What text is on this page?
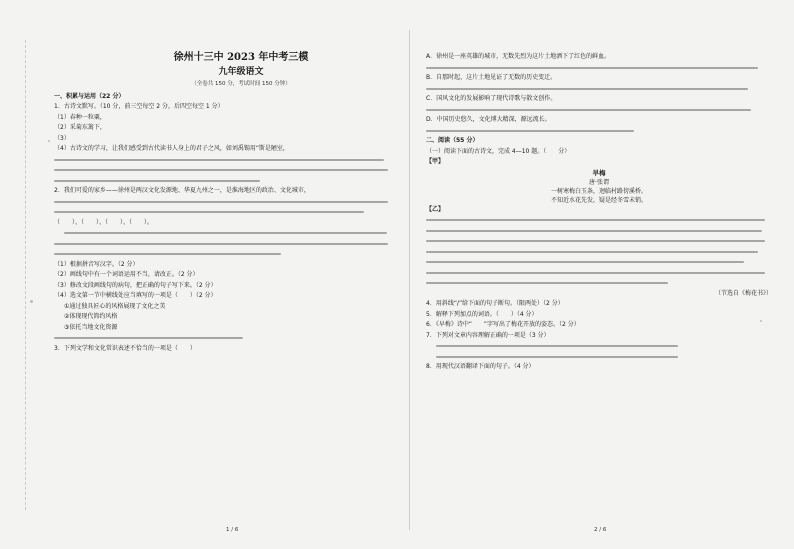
徐州十三中 2023 年中考三模
九年级语文
（全卷共 150 分，考试时间 150 分钟）
一、积累与运用（22 分）
1．古诗文默写。（10 分，前三空每空 2 分，后四空每空 1 分）
（1）春种一粒粟，
（2）采菊东篱下，
（3）
（4）古诗文的学习，让我们感受到古代读书人身上的君子之风，如刘禹锡用“斯是陋室，
2．我们可爱的家乡——徐州是两汉文化发源地、华夏九州之一，是淮海地区的政治、文化城市，
（　　）、（　　）、（　　）、（　　）。
（1）根据拼音写汉字。（2 分）
（2）画线句中有一个词语运用不当，请改正。（2 分）
（3）修改文段画线句的病句，把正确的句子写下来。（2 分）
（4）选文第一节中横线处应当填写的一项是（　　）（2 分）
①通过独具匠心的风格展现了文化之美
②体现现代简约风格
③依托当地文化资源
3．下列文学和文化常识表述不恰当的一项是（　　）
A．徐州是一座英雄的城市，无数先烈为这片土地洒下了红色的鲜血。
B．自那时起，这片土地见证了无数的历史变迁。
C．国风文化的发展影响了现代诗歌与散文创作。
D．中国历史悠久，文化博大精深，源远流长。
二、阅读（55 分）
（一）阅读下面的古诗文，完成 4—10 题。（　　分）
【甲】
早梅
唐·张谓
一树寒梅白玉条，迥临村路傍溪桥。
不知近水花先发，疑是经冬雪未销。
【乙】
（节选自《梅花书》）
4．用斜线“/”给下面的句子断句。（限两处）（2 分）
5．解释下列加点的词语。（　　）（4 分）
6．《早梅》诗中“　　”字写出了梅花开放的姿态。（2 分）
7．下列对文章内容理解正确的一项是（3 分）
8．用现代汉语翻译下面的句子。（4 分）
1 / 6	2 / 6
